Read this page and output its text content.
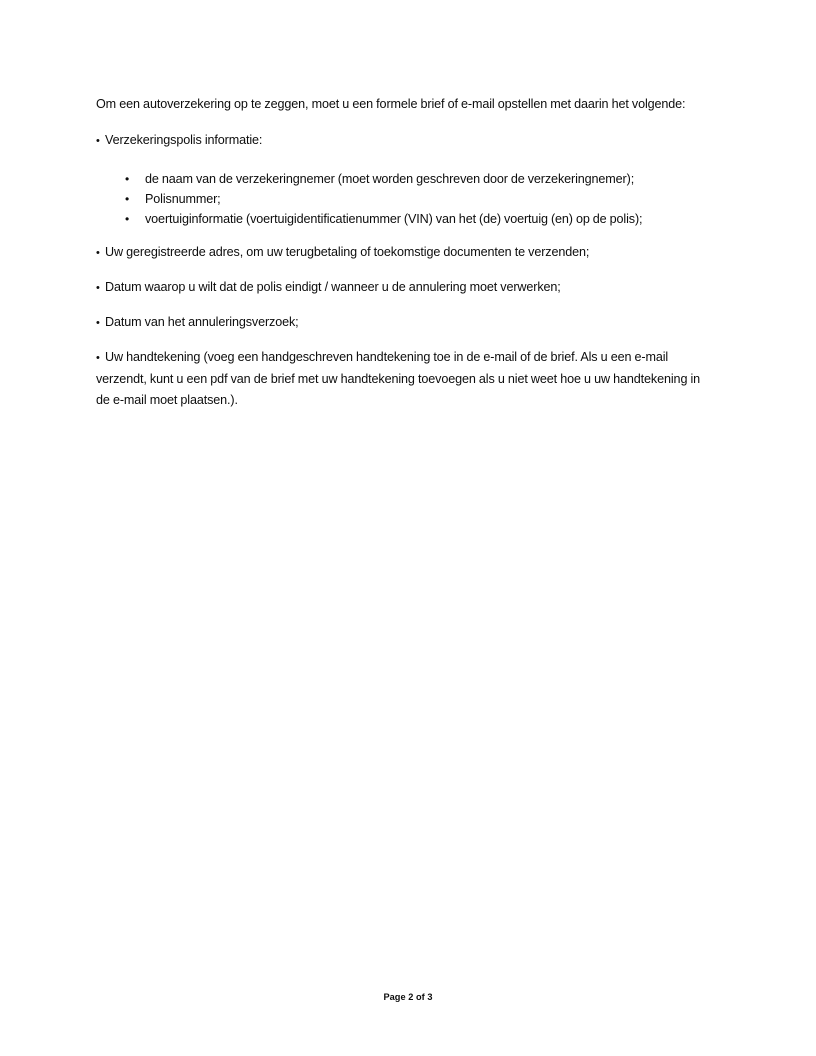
Om een autoverzekering op te zeggen, moet u een formele brief of e-mail opstellen met daarin het volgende:

• Verzekeringspolis informatie:

• de naam van de verzekeringnemer (moet worden geschreven door de verzekeringnemer);
• Polisnummer;
• voertuiginformatie (voertuigidentificatienummer (VIN) van het (de) voertuig (en) op de polis);

• Uw geregistreerde adres, om uw terugbetaling of toekomstige documenten te verzenden;

• Datum waarop u wilt dat de polis eindigt / wanneer u de annulering moet verwerken;

• Datum van het annuleringsverzoek;

• Uw handtekening (voeg een handgeschreven handtekening toe in de e-mail of de brief. Als u een e-mail verzendt, kunt u een pdf van de brief met uw handtekening toevoegen als u niet weet hoe u uw handtekening in de e-mail moet plaatsen.).

Page 2 of 3
